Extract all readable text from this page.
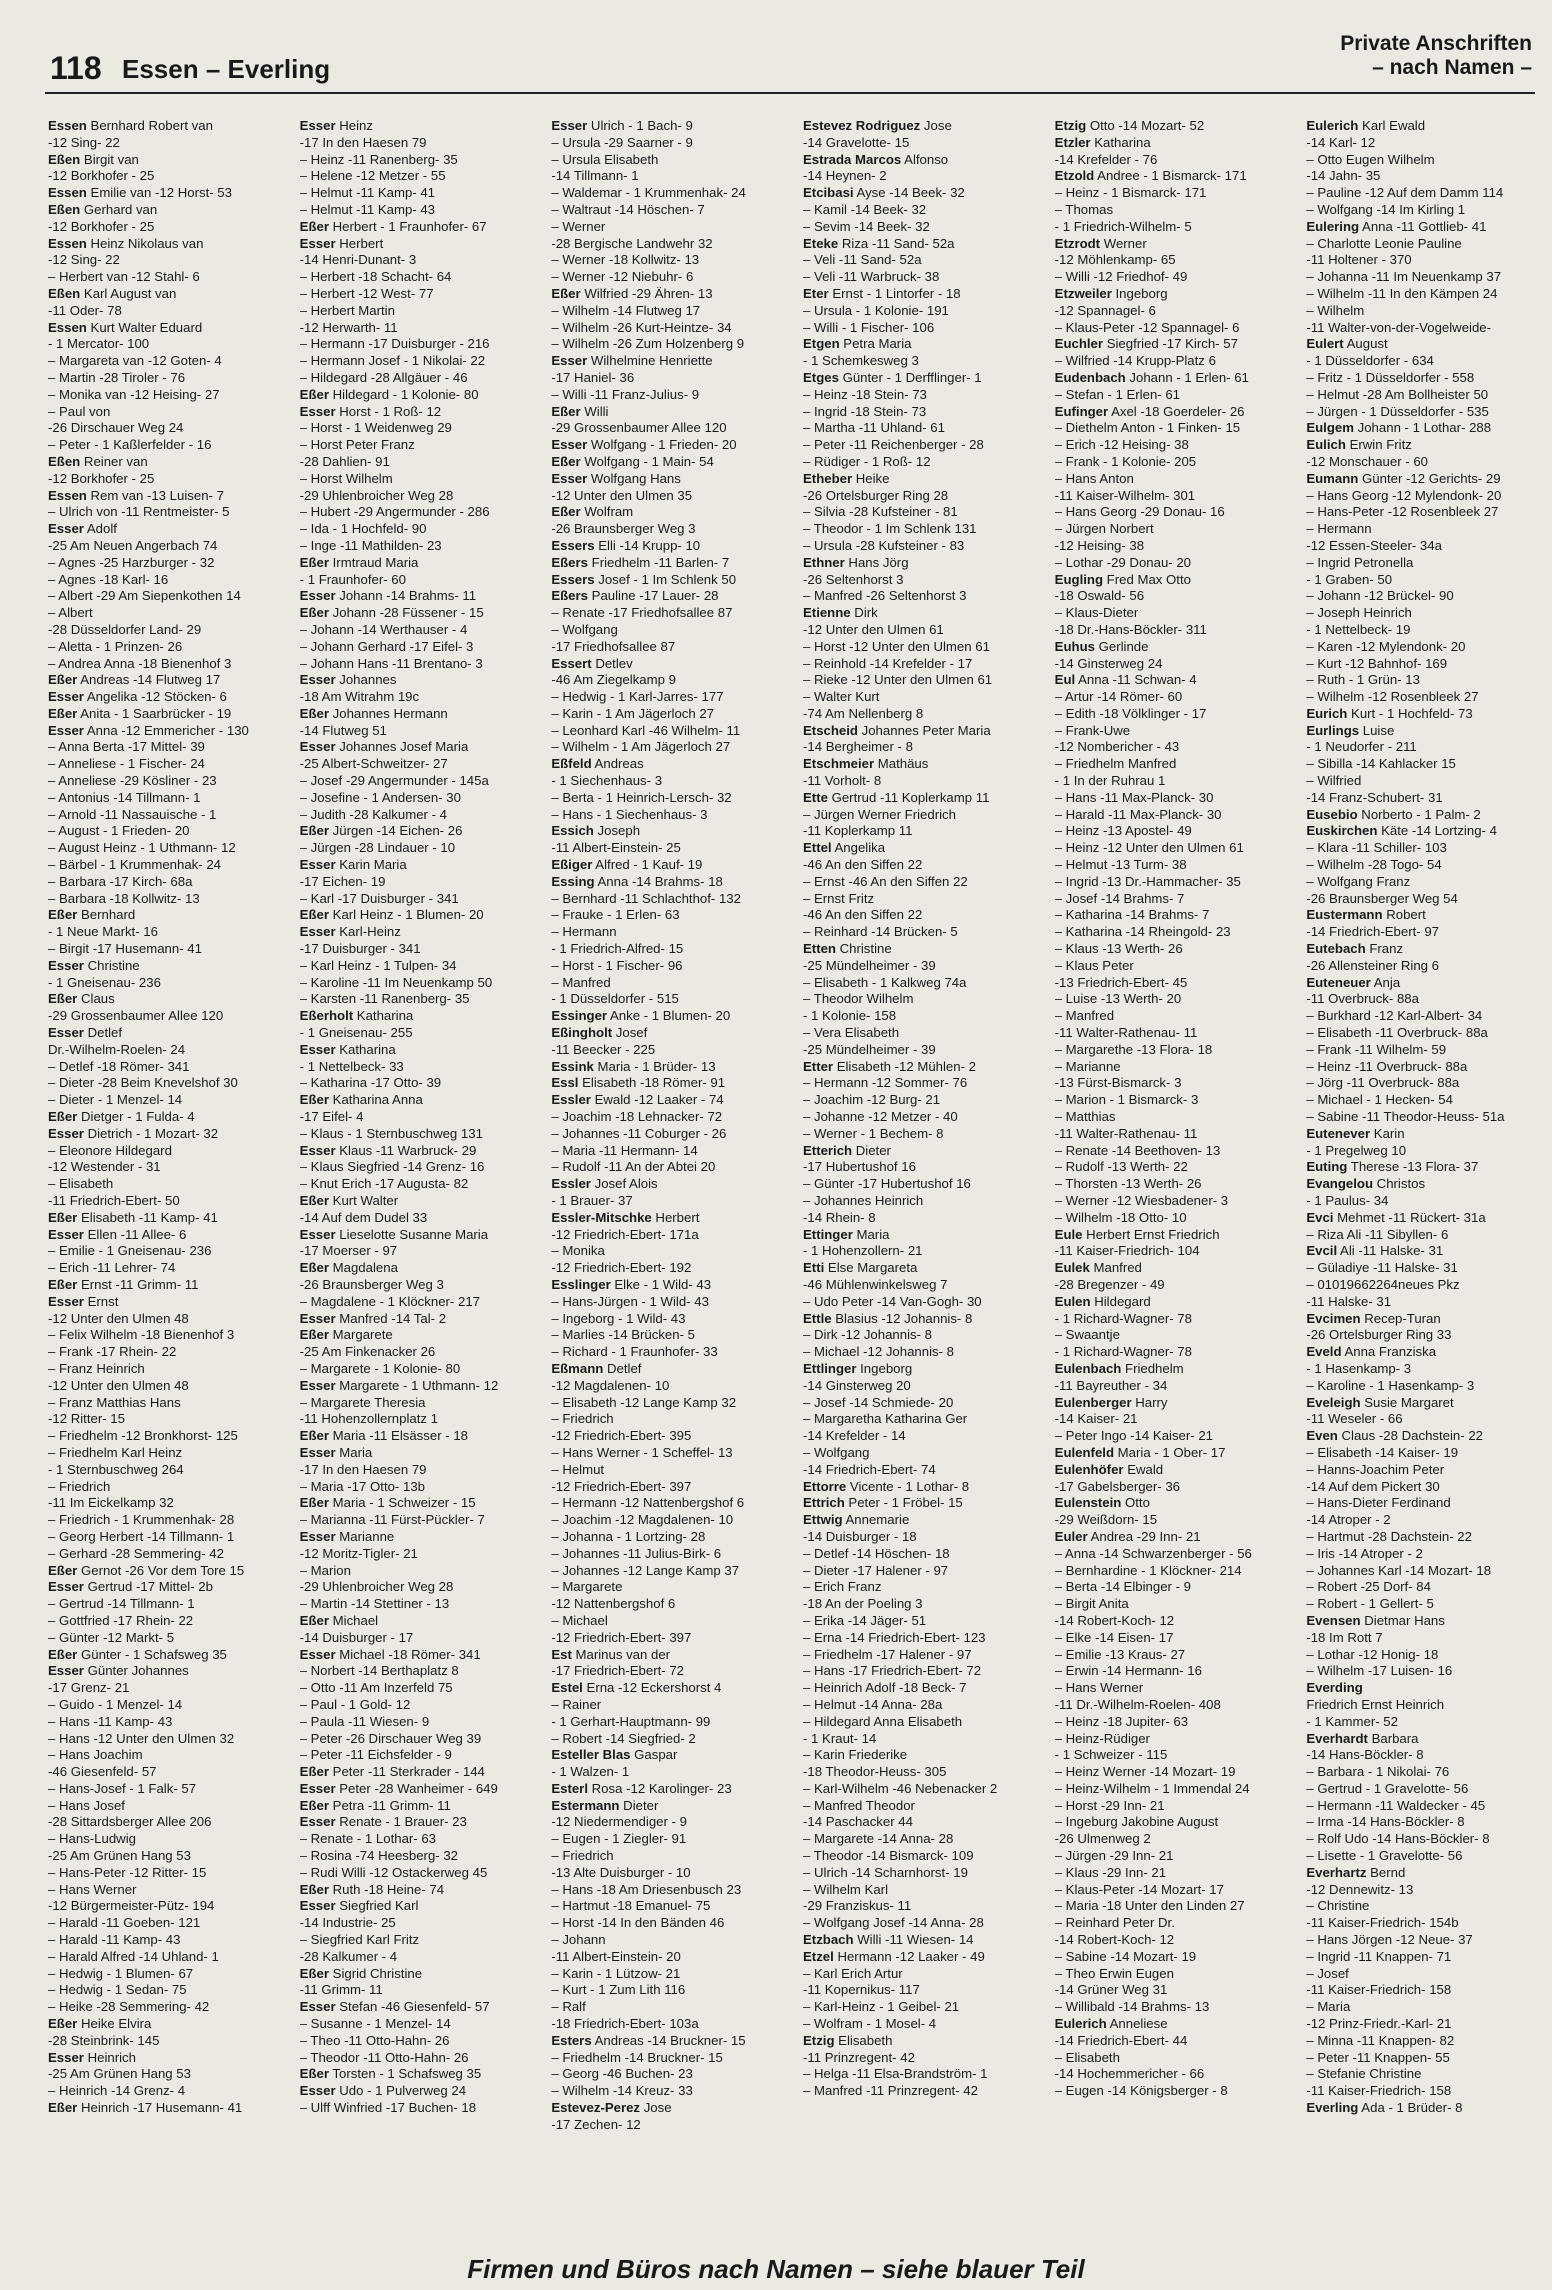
118 Essen – Everling
Private Anschriften
– nach Namen –
Essen Bernhard Robert van
-12 Sing- 22
Eßen Birgit van
-12 Borkhofer - 25
Essen Emilie van -12 Horst- 53
Eßen Gerhard van
-12 Borkhofer - 25
Essen Heinz Nikolaus van
-12 Sing- 22
– Herbert van -12 Stahl- 6
Eßen Karl August van
-11 Oder- 78
Essen Kurt Walter Eduard
- 1 Mercator- 100
– Margareta van -12 Goten- 4
– Martin -28 Tiroler - 76
– Monika van -12 Heising- 27
– Paul von
-26 Dirschauer Weg 24
– Peter - 1 Kaßlerfelder - 16
Eßen Reiner van
-12 Borkhofer - 25
Essen Rem van -13 Luisen- 7
– Ulrich von -11 Rentmeister- 5
Esser Adolf
-25 Am Neuen Angerbach 74
– Agnes -25 Harzburger - 32
– Agnes -18 Karl- 16
– Albert -29 Am Siepenkothen 14
– Albert
-28 Düsseldorfer Land- 29
– Aletta - 1 Prinzen- 26
– Andrea Anna -18 Bienenhof 3
Eßer Andreas -14 Flutweg 17
Esser Angelika -12 Stöcken- 6
Eßer Anita - 1 Saarbrücker - 19
Esser Anna -12 Emmericher - 130
– Anna Berta -17 Mittel- 39
– Anneliese - 1 Fischer- 24
– Anneliese -29 Kösliner - 23
– Antonius -14 Tillmann- 1
– Arnold -11 Nassauische - 1
– August - 1 Frieden- 20
– August Heinz - 1 Uthmann- 12
– Bärbel - 1 Krummenhak- 24
– Barbara -17 Kirch- 68a
– Barbara -18 Kollwitz- 13
Eßer Bernhard
- 1 Neue Markt- 16
– Birgit -17 Husemann- 41
Esser Christine
- 1 Gneisenau- 236
Eßer Claus
-29 Grossenbaumer Allee 120
Esser Detlef
Dr.-Wilhelm-Roelen- 24
– Detlef -18 Römer- 341
– Dieter -28 Beim Knevelshof 30
– Dieter - 1 Menzel- 14
Eßer Dietger - 1 Fulda- 4
Esser Dietrich - 1 Mozart- 32
– Eleonore Hildegard
-12 Westender - 31
– Elisabeth
-11 Friedrich-Ebert- 50
Eßer Elisabeth -11 Kamp- 41
Esser Ellen -11 Allee- 6
– Emilie - 1 Gneisenau- 236
– Erich -11 Lehrer- 74
Eßer Ernst -11 Grimm- 11
Esser Ernst
-12 Unter den Ulmen 48
– Felix Wilhelm -18 Bienenhof 3
– Frank -17 Rhein- 22
– Franz Heinrich
-12 Unter den Ulmen 48
– Franz Matthias Hans
-12 Ritter- 15
– Friedhelm -12 Bronkhorst- 125
– Friedhelm Karl Heinz
- 1 Sternbuschweg 264
– Friedrich
-11 Im Eickelkamp 32
– Friedrich - 1 Krummenhak- 28
– Georg Herbert -14 Tillmann- 1
– Gerhard -28 Semmering- 42
Eßer Gernot -26 Vor dem Tore 15
Esser Gertrud -17 Mittel- 2b
– Gertrud -14 Tillmann- 1
– Gottfried -17 Rhein- 22
– Günter -12 Markt- 5
Eßer Günter - 1 Schafsweg 35
Esser Günter Johannes
-17 Grenz- 21
– Guido - 1 Menzel- 14
– Hans -11 Kamp- 43
– Hans -12 Unter den Ulmen 32
– Hans Joachim
-46 Giesenfeld- 57
– Hans-Josef - 1 Falk- 57
– Hans Josef
-28 Sittardsberger Allee 206
– Hans-Ludwig
-25 Am Grünen Hang 53
– Hans-Peter -12 Ritter- 15
– Hans Werner
-12 Bürgermeister-Pütz- 194
– Harald -11 Goeben- 121
– Harald -11 Kamp- 43
– Harald Alfred -14 Uhland- 1
– Hedwig - 1 Blumen- 67
– Hedwig - 1 Sedan- 75
– Heike -28 Semmering- 42
Eßer Heike Elvira
-28 Steinbrink- 145
Esser Heinrich
-25 Am Grünen Hang 53
– Heinrich -14 Grenz- 4
Eßer Heinrich -17 Husemann- 41
Esser Heinz
-17 In den Haesen 79
– Heinz -11 Ranenberg- 35
– Helene -12 Metzer - 55
– Helmut -11 Kamp- 41
– Helmut -11 Kamp- 43
Eßer Herbert - 1 Fraunhofer- 67
Esser Herbert
-14 Henri-Dunant- 3
– Herbert -18 Schacht- 64
– Herbert -12 West- 77
– Herbert Martin
-12 Herwarth- 11
– Hermann -17 Duisburger - 216
– Hermann Josef - 1 Nikolai- 22
– Hildegard -28 Allgäuer - 46
Eßer Hildegard - 1 Kolonie- 80
Esser Horst - 1 Roß- 12
– Horst - 1 Weidenweg 29
– Horst Peter Franz
-28 Dahlien- 91
– Horst Wilhelm
-29 Uhlenbroicher Weg 28
– Hubert -29 Angermunder - 286
– Ida - 1 Hochfeld- 90
– Inge -11 Mathilden- 23
Eßer Irmtraud Maria
- 1 Fraunhofer- 60
Esser Johann -14 Brahms- 11
Eßer Johann -28 Füssener - 15
– Johann -14 Werthauser - 4
– Johann Gerhard -17 Eifel- 3
– Johann Hans -11 Brentano- 3
Esser Johannes
-18 Am Witrahm 19c
Eßer Johannes Hermann
-14 Flutweg 51
Esser Johannes Josef Maria
-25 Albert-Schweitzer- 27
– Josef -29 Angermunder - 145a
– Josefine - 1 Andersen- 30
– Judith -28 Kalkumer - 4
Eßer Jürgen -14 Eichen- 26
– Jürgen -28 Lindauer - 10
Esser Karin Maria
-17 Eichen- 19
– Karl -17 Duisburger - 341
Eßer Karl Heinz - 1 Blumen- 20
Esser Karl-Heinz
-17 Duisburger - 341
– Karl Heinz - 1 Tulpen- 34
– Karoline -11 Im Neuenkamp 50
– Karsten -11 Ranenberg- 35
Eßerholt Katharina
- 1 Gneisenau- 255
Esser Katharina
- 1 Nettelbeck- 33
– Katharina -17 Otto- 39
Eßer Katharina Anna
-17 Eifel- 4
– Klaus - 1 Sternbuschweg 131
Esser Klaus -11 Warbruck- 29
– Klaus Siegfried -14 Grenz- 16
– Knut Erich -17 Augusta- 82
Eßer Kurt Walter
-14 Auf dem Dudel 33
Esser Lieselotte Susanne Maria
-17 Moerser - 97
Eßer Magdalena
-26 Braunsberger Weg 3
– Magdalene - 1 Klöckner- 217
Esser Manfred -14 Tal- 2
Eßer Margarete
-25 Am Finkenacker 26
– Margarete - 1 Kolonie- 80
Esser Margarete - 1 Uthmann- 12
– Margarete Theresia
-11 Hohenzollernplatz 1
Eßer Maria -11 Elsässer - 18
Esser Maria
-17 In den Haesen 79
– Maria -17 Otto- 13b
Eßer Maria - 1 Schweizer - 15
– Marianna -11 Fürst-Pückler- 7
Esser Marianne
-12 Moritz-Tigler- 21
– Marion
-29 Uhlenbroicher Weg 28
– Martin -14 Stettiner - 13
Eßer Michael
-14 Duisburger - 17
Esser Michael -18 Römer- 341
– Norbert -14 Berthaplatz 8
– Otto -11 Am Inzerfeld 75
– Paul - 1 Gold- 12
– Paula -11 Wiesen- 9
– Peter -26 Dirschauer Weg 39
– Peter -11 Eichsfelder - 9
Eßer Peter -11 Sterkrader - 144
Esser Peter -28 Wanheimer - 649
Eßer Petra -11 Grimm- 11
Esser Renate - 1 Brauer- 23
– Renate - 1 Lothar- 63
– Rosina -74 Heesberg- 32
– Rudi Willi -12 Ostackerweg 45
Eßer Ruth -18 Heine- 74
Esser Siegfried Karl
-14 Industrie- 25
– Siegfried Karl Fritz
-28 Kalkumer - 4
Eßer Sigrid Christine
-11 Grimm- 11
Esser Stefan -46 Giesenfeld- 57
– Susanne - 1 Menzel- 14
– Theo -11 Otto-Hahn- 26
– Theodor -11 Otto-Hahn- 26
Eßer Torsten - 1 Schafsweg 35
Esser Udo - 1 Pulverweg 24
– Ulff Winfried -17 Buchen- 18
Esser Ulrich - 1 Bach- 9
– Ursula -29 Saarner - 9
– Ursula Elisabeth
-14 Tillmann- 1
– Waldemar - 1 Krummenhak- 24
– Waltraut -14 Höschen- 7
– Werner
-28 Bergische Landwehr 32
– Werner -18 Kollwitz- 13
– Werner -12 Niebuhr- 6
Eßer Wilfried -29 Ähren- 13
– Wilhelm -14 Flutweg 17
– Wilhelm -26 Kurt-Heintze- 34
– Wilhelm -26 Zum Holzenberg 9
Esser Wilhelmine Henriette
-17 Haniel- 36
– Willi -11 Franz-Julius- 9
Eßer Willi
-29 Grossenbaumer Allee 120
Esser Wolfgang - 1 Frieden- 20
Eßer Wolfgang - 1 Main- 54
Esser Wolfgang Hans
-12 Unter den Ulmen 35
Eßer Wolfram
-26 Braunsberger Weg 3
Essers Elli -14 Krupp- 10
Eßers Friedhelm -11 Barlen- 7
Essers Josef - 1 Im Schlenk 50
Eßers Pauline -17 Lauer- 28
– Renate -17 Friedhofsallee 87
– Wolfgang
-17 Friedhofsallee 87
Essert Detlev
-46 Am Ziegelkamp 9
– Hedwig - 1 Karl-Jarres- 177
– Karin - 1 Am Jägerloch 27
– Leonhard Karl -46 Wilhelm- 11
– Wilhelm - 1 Am Jägerloch 27
Eßfeld Andreas
- 1 Siechenhaus- 3
– Berta - 1 Heinrich-Lersch- 32
– Hans - 1 Siechenhaus- 3
Essich Joseph
-11 Albert-Einstein- 25
Eßiger Alfred - 1 Kauf- 19
Essing Anna -14 Brahms- 18
– Bernhard -11 Schlachthof- 132
– Frauke - 1 Erlen- 63
– Hermann
- 1 Friedrich-Alfred- 15
– Horst - 1 Fischer- 96
– Manfred
- 1 Düsseldorfer - 515
Essinger Anke - 1 Blumen- 20
Eßingholt Josef
-11 Beecker - 225
Essink Maria - 1 Brüder- 13
Essl Elisabeth -18 Römer- 91
Essler Ewald -12 Laaker - 74
– Joachim -18 Lehnacker- 72
– Johannes -11 Coburger - 26
– Maria -11 Hermann- 14
– Rudolf -11 An der Abtei 20
Essler Josef Alois
- 1 Brauer- 37
Essler-Mitschke Herbert
-12 Friedrich-Ebert- 171a
– Monika
-12 Friedrich-Ebert- 192
Esslinger Elke - 1 Wild- 43
– Hans-Jürgen - 1 Wild- 43
– Ingeborg - 1 Wild- 43
– Marlies -14 Brücken- 5
– Richard - 1 Fraunhofer- 33
Eßmann Detlef
-12 Magdalenen- 10
– Elisabeth -12 Lange Kamp 32
– Friedrich
-12 Friedrich-Ebert- 395
– Hans Werner - 1 Scheffel- 13
– Helmut
-12 Friedrich-Ebert- 397
– Hermann -12 Nattenbergshof 6
– Joachim -12 Magdalenen- 10
– Johanna - 1 Lortzing- 28
– Johannes -11 Julius-Birk- 6
– Johannes -12 Lange Kamp 37
– Margarete
-12 Nattenbergshof 6
– Michael
-12 Friedrich-Ebert- 397
Est Marinus van der
-17 Friedrich-Ebert- 72
Estel Erna -12 Eckershorst 4
– Rainer
- 1 Gerhart-Hauptmann- 99
– Robert -14 Siegfried- 2
Esteller Blas Gaspar
- 1 Walzen- 1
Esterl Rosa -12 Karolinger- 23
Estermann Dieter
-12 Niedermendiger - 9
– Eugen - 1 Ziegler- 91
– Friedrich
-13 Alte Duisburger - 10
– Hans -18 Am Driesenbusch 23
– Hartmut -18 Emanuel- 75
– Horst -14 In den Bänden 46
– Johann
-11 Albert-Einstein- 20
– Karin - 1 Lützow- 21
– Kurt - 1 Zum Lith 116
– Ralf
-18 Friedrich-Ebert- 103a
Esters Andreas -14 Bruckner- 15
– Friedhelm -14 Bruckner- 15
– Georg -46 Buchen- 23
– Wilhelm -14 Kreuz- 33
Estevez-Perez Jose
-17 Zechen- 12
Estevez Rodriguez Jose
-14 Gravelotte- 15
Estrada Marcos Alfonso
-14 Heynen- 2
Etcibasi Ayse -14 Beek- 32
– Kamil -14 Beek- 32
– Sevim -14 Beek- 32
Eteke Riza -11 Sand- 52a
– Veli -11 Sand- 52a
– Veli -11 Warbruck- 38
Eter Ernst - 1 Lintorfer - 18
– Ursula - 1 Kolonie- 191
– Willi - 1 Fischer- 106
Etgen Petra Maria
- 1 Schemkesweg 3
Etges Günter - 1 Derfflinger- 1
– Heinz -18 Stein- 73
– Ingrid -18 Stein- 73
– Martha -11 Uhland- 61
– Peter -11 Reichenberger - 28
– Rüdiger - 1 Roß- 12
Etheber Heike
-26 Ortelsburger Ring 28
– Silvia -28 Kufsteiner - 81
– Theodor - 1 Im Schlenk 131
– Ursula -28 Kufsteiner - 83
Ethner Hans Jörg
-26 Seltenhorst 3
– Manfred -26 Seltenhorst 3
Etienne Dirk
-12 Unter den Ulmen 61
– Horst -12 Unter den Ulmen 61
– Reinhold -14 Krefelder - 17
– Rieke -12 Unter den Ulmen 61
– Walter Kurt
-74 Am Nellenberg 8
Etscheid Johannes Peter Maria
-14 Bergheimer - 8
Etschmeier Mathäus
-11 Vorholt- 8
Ette Gertrud -11 Koplerkamp 11
– Jürgen Werner Friedrich
-11 Koplerkamp 11
Ettel Angelika
-46 An den Siffen 22
– Ernst -46 An den Siffen 22
– Ernst Fritz
-46 An den Siffen 22
– Reinhard -14 Brücken- 5
Etten Christine
-25 Mündelheimer - 39
– Elisabeth - 1 Kalkweg 74a
– Theodor Wilhelm
- 1 Kolonie- 158
– Vera Elisabeth
-25 Mündelheimer - 39
Etter Elisabeth -12 Mühlen- 2
– Hermann -12 Sommer- 76
– Joachim -12 Burg- 21
– Johanne -12 Metzer - 40
– Werner - 1 Bechem- 8
Etterich Dieter
-17 Hubertushof 16
– Günter -17 Hubertushof 16
– Johannes Heinrich
-14 Rhein- 8
Ettinger Maria
- 1 Hohenzollern- 21
Etti Else Margareta
-46 Mühlenwinkelsweg 7
– Udo Peter -14 Van-Gogh- 30
Ettle Blasius -12 Johannis- 8
– Dirk -12 Johannis- 8
– Michael -12 Johannis- 8
Ettlinger Ingeborg
-14 Ginsterweg 20
– Josef -14 Schmiede- 20
– Margaretha Katharina Ger
-14 Krefelder - 14
– Wolfgang
-14 Friedrich-Ebert- 74
Ettorre Vicente - 1 Lothar- 8
Ettrich Peter - 1 Fröbel- 15
Ettwig Annemarie
-14 Duisburger - 18
– Detlef -14 Höschen- 18
– Dieter -17 Halener - 97
– Erich Franz
-18 An der Poeling 3
– Erika -14 Jäger- 51
– Erna -14 Friedrich-Ebert- 123
– Friedhelm -17 Halener - 97
– Hans -17 Friedrich-Ebert- 72
– Heinrich Adolf -18 Beck- 7
– Helmut -14 Anna- 28a
– Hildegard Anna Elisabeth
- 1 Kraut- 14
– Karin Friederike
-18 Theodor-Heuss- 305
– Karl-Wilhelm -46 Nebenacker 2
– Manfred Theodor
-14 Paschacker 44
– Margarete -14 Anna- 28
– Theodor -14 Bismarck- 109
– Ulrich -14 Scharnhorst- 19
– Wilhelm Karl
-29 Franziskus- 11
– Wolfgang Josef -14 Anna- 28
Etzbach Willi -11 Wiesen- 14
Etzel Hermann -12 Laaker - 49
– Karl Erich Artur
-11 Kopernikus- 117
– Karl-Heinz - 1 Geibel- 21
– Wolfram - 1 Mosel- 4
Etzig Elisabeth
-11 Prinzregent- 42
– Helga -11 Elsa-Brandström- 1
– Manfred -11 Prinzregent- 42
Etzig Otto -14 Mozart- 52
Etzler Katharina
-14 Krefelder - 76
Etzold Andree - 1 Bismarck- 171
– Heinz - 1 Bismarck- 171
– Thomas
- 1 Friedrich-Wilhelm- 5
Etzrodt Werner
-12 Möhlenkamp- 65
– Willi -12 Friedhof- 49
Etzweiler Ingeborg
-12 Spannagel- 6
– Klaus-Peter -12 Spannagel- 6
Euchler Siegfried -17 Kirch- 57
– Wilfried -14 Krupp-Platz 6
Eudenbach Johann - 1 Erlen- 61
– Stefan - 1 Erlen- 61
Eufinger Axel -18 Goerdeler- 26
– Diethelm Anton - 1 Finken- 15
– Erich -12 Heising- 38
– Frank - 1 Kolonie- 205
– Hans Anton
-11 Kaiser-Wilhelm- 301
– Hans Georg -29 Donau- 16
– Jürgen Norbert
-12 Heising- 38
– Lothar -29 Donau- 20
Eugling Fred Max Otto
-18 Oswald- 56
– Klaus-Dieter
-18 Dr.-Hans-Böckler- 311
Euhus Gerlinde
-14 Ginsterweg 24
Eul Anna -11 Schwan- 4
– Artur -14 Römer- 60
– Edith -18 Völklinger - 17
– Frank-Uwe
-12 Nombericher - 43
– Friedhelm Manfred
- 1 In der Ruhrau 1
– Hans -11 Max-Planck- 30
– Harald -11 Max-Planck- 30
– Heinz -13 Apostel- 49
– Heinz -12 Unter den Ulmen 61
– Helmut -13 Turm- 38
– Ingrid -13 Dr.-Hammacher- 35
– Josef -14 Brahms- 7
– Katharina -14 Brahms- 7
– Katharina -14 Rheingold- 23
– Klaus -13 Werth- 26
– Klaus Peter
-13 Friedrich-Ebert- 45
– Luise -13 Werth- 20
– Manfred
-11 Walter-Rathenau- 11
– Margarethe -13 Flora- 18
– Marianne
-13 Fürst-Bismarck- 3
– Marion - 1 Bismarck- 3
– Matthias
-11 Walter-Rathenau- 11
– Renate -14 Beethoven- 13
– Rudolf -13 Werth- 22
– Thorsten -13 Werth- 26
– Werner -12 Wiesbadener- 3
– Wilhelm -18 Otto- 10
Eule Herbert Ernst Friedrich
-11 Kaiser-Friedrich- 104
Eulek Manfred
-28 Bregenzer - 49
Eulen Hildegard
- 1 Richard-Wagner- 78
– Swaantje
- 1 Richard-Wagner- 78
Eulenbach Friedhelm
-11 Bayreuther - 34
Eulenberger Harry
-14 Kaiser- 21
– Peter Ingo -14 Kaiser- 21
Eulenfeld Maria - 1 Ober- 17
Eulenhöfer Ewald
-17 Gabelsberger- 36
Eulenstein Otto
-29 Weißdorn- 15
Euler Andrea -29 Inn- 21
– Anna -14 Schwarzenberger - 56
– Bernhardine - 1 Klöckner- 214
– Berta -14 Elbinger - 9
– Birgit Anita
-14 Robert-Koch- 12
– Elke -14 Eisen- 17
– Emilie -13 Kraus- 27
– Erwin -14 Hermann- 16
– Hans Werner
-11 Dr.-Wilhelm-Roelen- 408
– Heinz -18 Jupiter- 63
– Heinz-Rüdiger
- 1 Schweizer - 115
– Heinz Werner -14 Mozart- 19
– Heinz-Wilhelm - 1 Immendal 24
– Horst -29 Inn- 21
– Ingeburg Jakobine August
-26 Ulmenweg 2
– Jürgen -29 Inn- 21
– Klaus -29 Inn- 21
– Klaus-Peter -14 Mozart- 17
– Maria -18 Unter den Linden 27
– Reinhard Peter Dr.
-14 Robert-Koch- 12
– Sabine -14 Mozart- 19
– Theo Erwin Eugen
-14 Grüner Weg 31
– Willibald -14 Brahms- 13
Eulerich Anneliese
-14 Friedrich-Ebert- 44
– Elisabeth
-14 Hochemmericher - 66
– Eugen -14 Königsberger - 8
Eulerich Karl Ewald
-14 Karl- 12
– Otto Eugen Wilhelm
-14 Jahn- 35
– Pauline -12 Auf dem Damm 114
– Wolfgang -14 Im Kirling 1
Eulering Anna -11 Gottlieb- 41
– Charlotte Leonie Pauline
-11 Holtener - 370
– Johanna -11 Im Neuenkamp 37
– Wilhelm -11 In den Kämpen 24
– Wilhelm
-11 Walter-von-der-Vogelweide-
Eulert August
- 1 Düsseldorfer - 634
– Fritz - 1 Düsseldorfer - 558
– Helmut -28 Am Bollheister 50
– Jürgen - 1 Düsseldorfer - 535
Eulgem Johann - 1 Lothar- 288
Eulich Erwin Fritz
-12 Monschauer - 60
Eumann Günter -12 Gerichts- 29
– Hans Georg -12 Mylendonk- 20
– Hans-Peter -12 Rosenbleek 27
– Hermann
-12 Essen-Steeler- 34a
– Ingrid Petronella
- 1 Graben- 50
– Johann -12 Brückel- 90
– Joseph Heinrich
- 1 Nettelbeck- 19
– Karen -12 Mylendonk- 20
– Kurt -12 Bahnhof- 169
– Ruth - 1 Grün- 13
– Wilhelm -12 Rosenbleek 27
Eurich Kurt - 1 Hochfeld- 73
Eurlings Luise
- 1 Neudorfer - 211
– Sibilla -14 Kahlacker 15
– Wilfried
-14 Franz-Schubert- 31
Eusebio Norberto - 1 Palm- 2
Euskirchen Käte -14 Lortzing- 4
– Klara -11 Schiller- 103
– Wilhelm -28 Togo- 54
– Wolfgang Franz
-26 Braunsberger Weg 54
Eustermann Robert
-14 Friedrich-Ebert- 97
Eutebach Franz
-26 Allensteiner Ring 6
Euteneuer Anja
-11 Overbruck- 88a
– Burkhard -12 Karl-Albert- 34
– Elisabeth -11 Overbruck- 88a
– Frank -11 Wilhelm- 59
– Heinz -11 Overbruck- 88a
– Jörg -11 Overbruck- 88a
– Michael - 1 Hecken- 54
– Sabine -11 Theodor-Heuss- 51a
Eutenever Karin
- 1 Pregelweg 10
Euting Therese -13 Flora- 37
Evangelou Christos
- 1 Paulus- 34
Evci Mehmet -11 Rückert- 31a
– Riza Ali -11 Sibyllen- 6
Evcil Ali -11 Halske- 31
– Güladiye -11 Halske- 31
– 01019662264neues Pkz
-11 Halske- 31
Evcimen Recep-Turan
-26 Ortelsburger Ring 33
Eveld Anna Franziska
- 1 Hasenkamp- 3
– Karoline - 1 Hasenkamp- 3
Eveleigh Susie Margaret
-11 Weseler - 66
Even Claus -28 Dachstein- 22
– Elisabeth -14 Kaiser- 19
– Hanns-Joachim Peter
-14 Auf dem Pickert 30
– Hans-Dieter Ferdinand
-14 Atroper - 2
– Hartmut -28 Dachstein- 22
– Iris -14 Atroper - 2
– Johannes Karl -14 Mozart- 18
– Robert -25 Dorf- 84
– Robert - 1 Gellert- 5
Evensen Dietmar Hans
-18 Im Rott 7
– Lothar -12 Honig- 18
– Wilhelm -17 Luisen- 16
Everding
Friedrich Ernst Heinrich
- 1 Kammer- 52
Everhardt Barbara
-14 Hans-Böckler- 8
– Barbara - 1 Nikolai- 76
– Gertrud - 1 Gravelotte- 56
– Hermann -11 Waldecker - 45
– Irma -14 Hans-Böckler- 8
– Rolf Udo -14 Hans-Böckler- 8
– Lisette - 1 Gravelotte- 56
Everhartz Bernd
-12 Dennewitz- 13
– Christine
-11 Kaiser-Friedrich- 154b
– Hans Jörgen -12 Neue- 37
– Ingrid -11 Knappen- 71
– Josef
-11 Kaiser-Friedrich- 158
– Maria
-12 Prinz-Friedr.-Karl- 21
– Minna -11 Knappen- 82
– Peter -11 Knappen- 55
– Stefanie Christine
-11 Kaiser-Friedrich- 158
Everling Ada - 1 Brüder- 8
Firmen und Büros nach Namen – siehe blauer Teil
